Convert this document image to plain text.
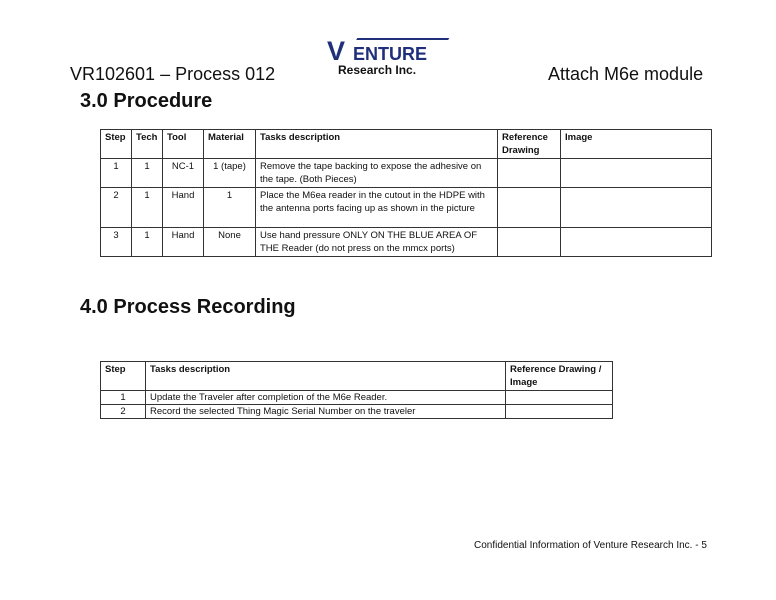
VR102601 – Process 012
V ENTURE
Research Inc.	Attach M6e module
3.0 Procedure
Step	Tech	Tool	Material	Tasks description	Reference Drawing	Image
1	1	NC-1	1 (tape)	Remove the tape backing to expose the adhesive on the tape. (Both Pieces)		
2	1	Hand	1	Place the M6ea reader in the cutout in the HDPE with the antenna ports facing up as shown in the picture		
3	1	Hand	None	Use hand pressure ONLY ON THE BLUE AREA OF THE Reader (do not press on the mmcx ports)		
4.0 Process Recording
Step	Tasks description	Reference Drawing / Image
1	Update the Traveler after completion of the M6e Reader.	
2	Record the selected Thing Magic Serial Number on the traveler	
Confidential Information of Venture Research Inc. - 5
